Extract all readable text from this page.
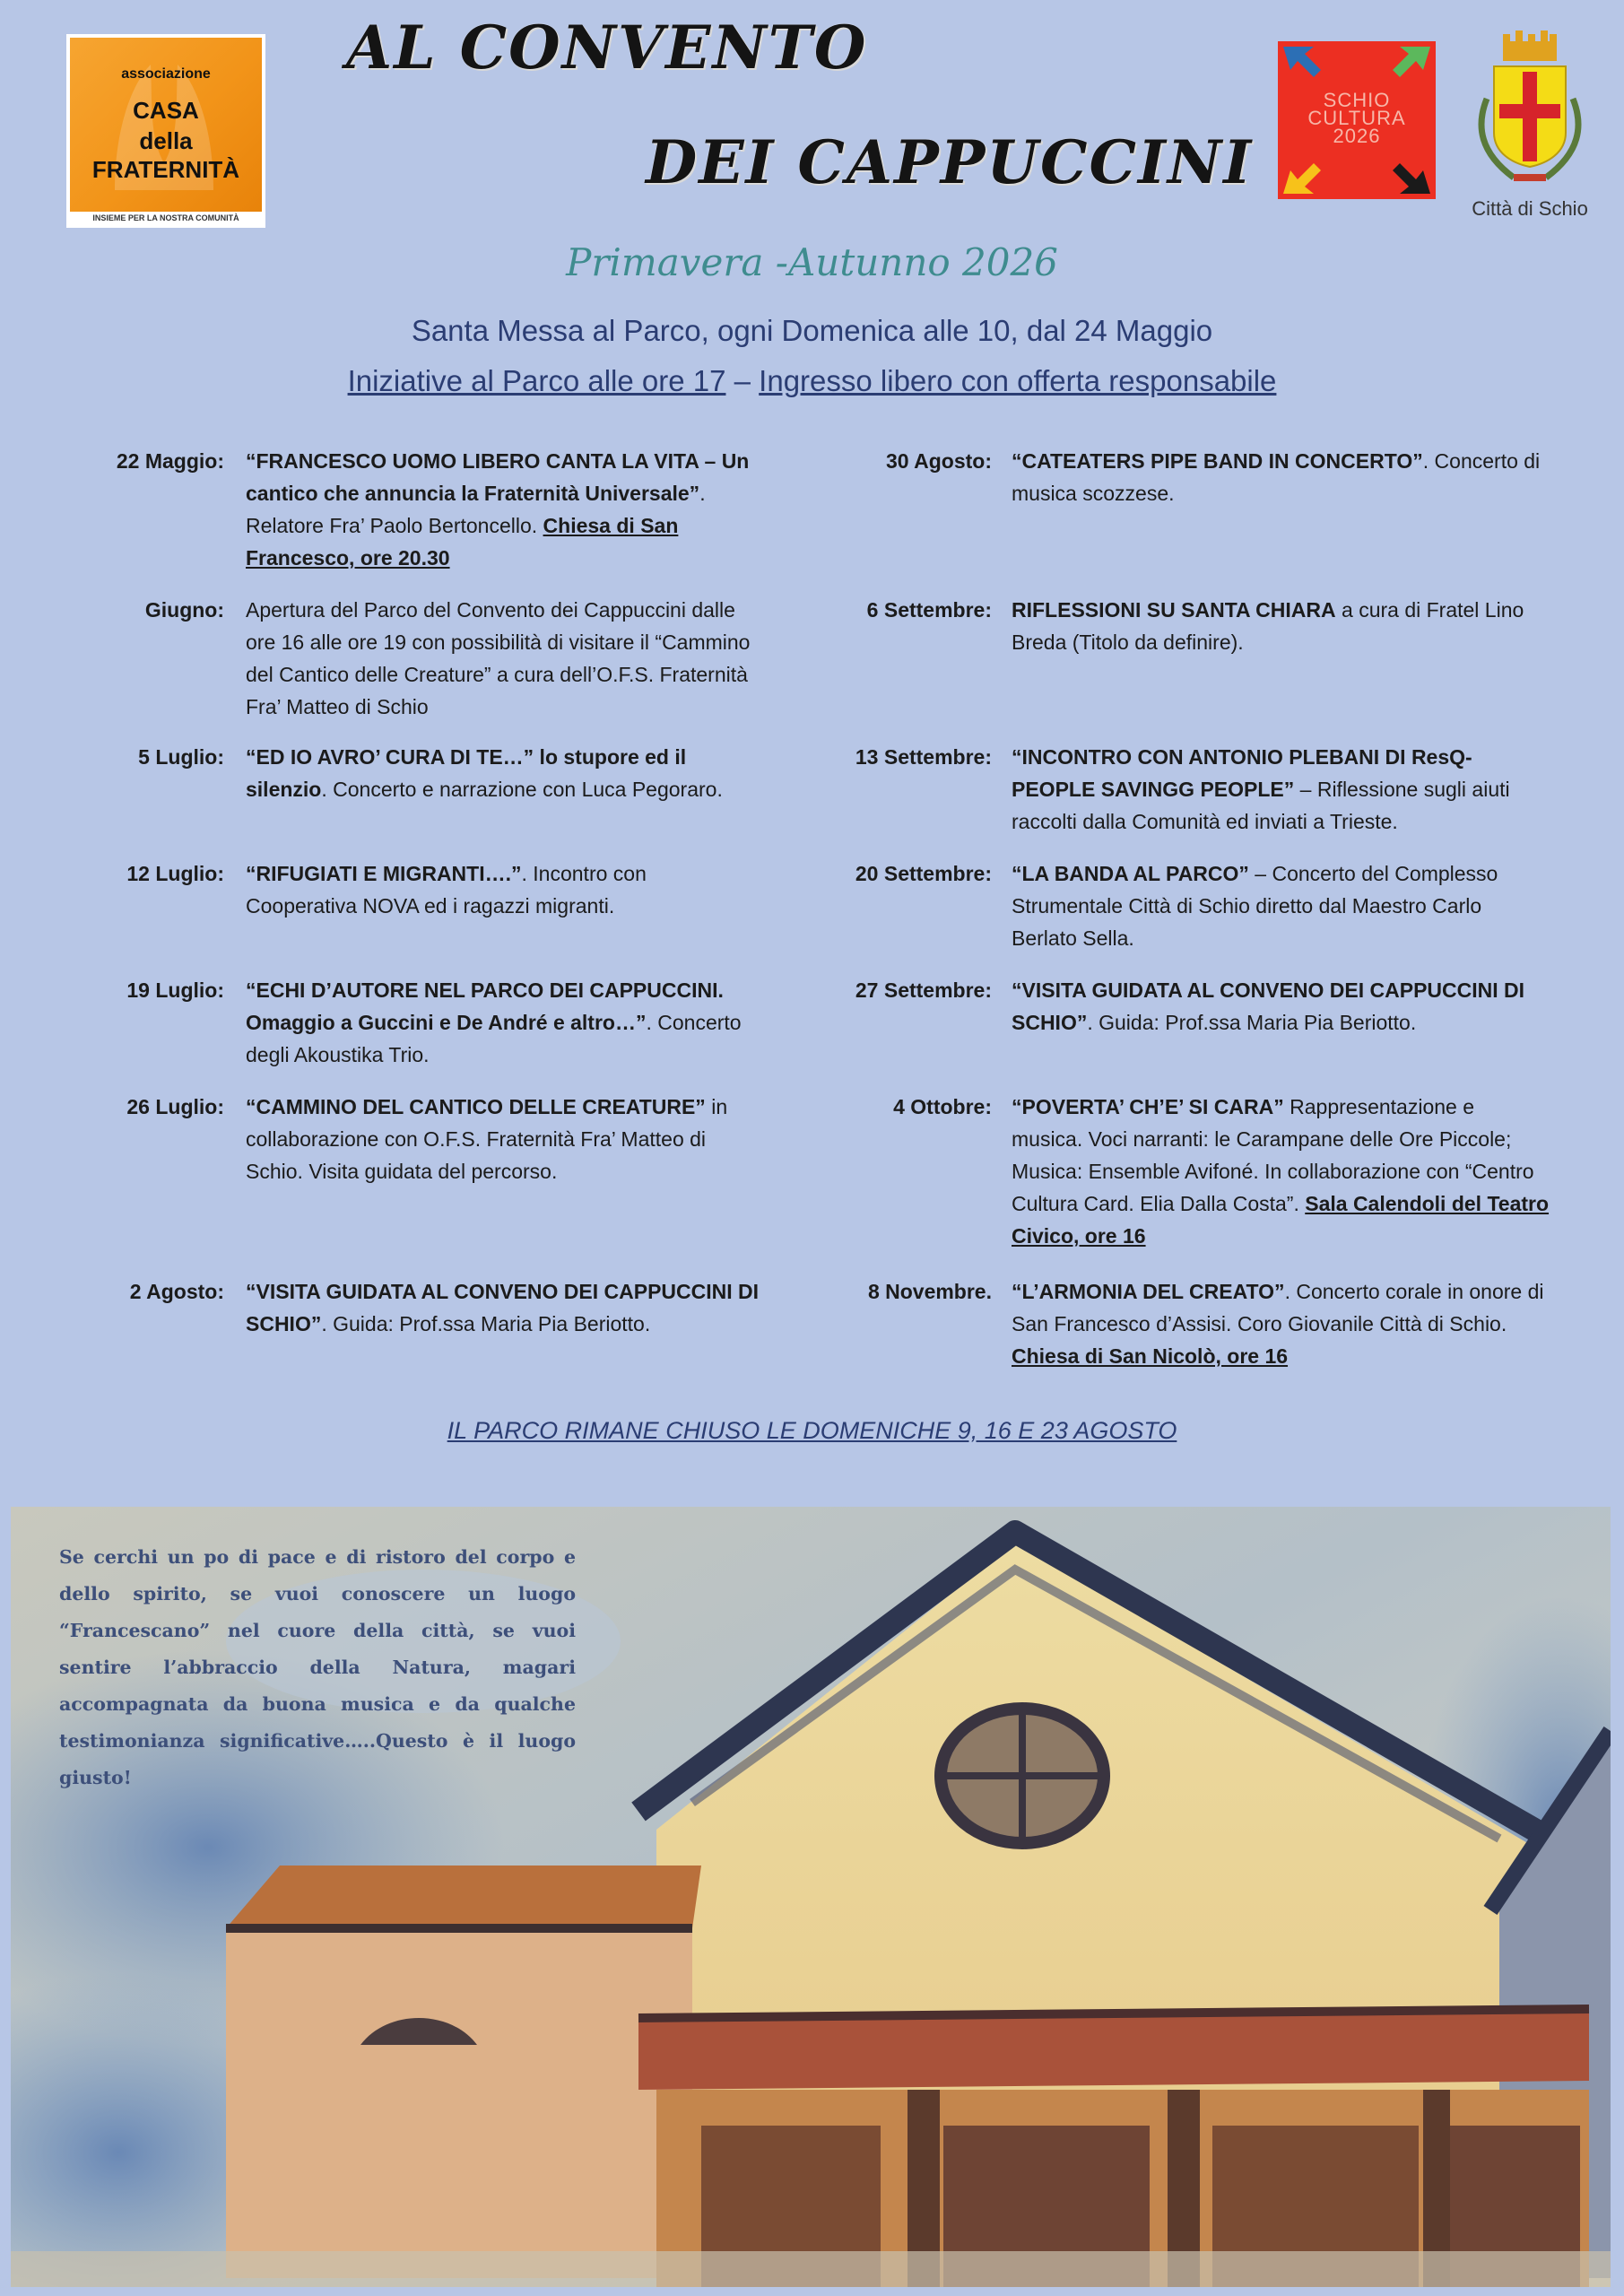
associazione
CASA
della
FRATERNITÀ
INSIEME PER LA NOSTRA COMUNITÀ
AL CONVENTO
DEI CAPPUCCINI
SCHIO
CULTURA
2026
Città di Schio
Primavera -Autunno 2026
Santa Messa al Parco, ogni Domenica alle 10, dal 24 Maggio
Iniziative al Parco alle ore 17 – Ingresso libero con offerta responsabile
22 Maggio: “FRANCESCO UOMO LIBERO CANTA LA VITA – Un cantico che annuncia la Fraternità Universale”. Relatore Fra’ Paolo Bertoncello. Chiesa di San Francesco, ore 20.30
Giugno: Apertura del Parco del Convento dei Cappuccini dalle ore 16 alle ore 19 con possibilità di visitare il “Cammino del Cantico delle Creature” a cura dell’O.F.S. Fraternità Fra’ Matteo di Schio
5 Luglio: “ED IO AVRO’ CURA DI TE…” lo stupore ed il silenzio. Concerto e narrazione con Luca Pegoraro.
12 Luglio: “RIFUGIATI E MIGRANTI….”. Incontro con Cooperativa NOVA ed i ragazzi migranti.
19 Luglio: “ECHI D’AUTORE NEL PARCO DEI CAPPUCCINI. Omaggio a Guccini e De André e altro…”. Concerto degli Akoustika Trio.
26 Luglio: “CAMMINO DEL CANTICO DELLE CREATURE” in collaborazione con O.F.S. Fraternità Fra’ Matteo di Schio. Visita guidata del percorso.
2 Agosto: “VISITA GUIDATA AL CONVENO DEI CAPPUCCINI DI SCHIO”. Guida: Prof.ssa Maria Pia Beriotto.
30 Agosto: “CATEATERS PIPE BAND IN CONCERTO”. Concerto di musica scozzese.
6 Settembre: RIFLESSIONI SU SANTA CHIARA a cura di Fratel Lino Breda (Titolo da definire).
13 Settembre: “INCONTRO CON ANTONIO PLEBANI DI ResQ-PEOPLE SAVINGG PEOPLE” – Riflessione sugli aiuti raccolti dalla Comunità ed inviati a Trieste.
20 Settembre: “LA BANDA AL PARCO” – Concerto del Complesso Strumentale Città di Schio diretto dal Maestro Carlo Berlato Sella.
27 Settembre: “VISITA GUIDATA AL CONVENO DEI CAPPUCCINI DI SCHIO”. Guida: Prof.ssa Maria Pia Beriotto.
4 Ottobre: “POVERTA’ CH’E’ SI CARA” Rappresentazione e musica. Voci narranti: le Carampane delle Ore Piccole; Musica: Ensemble Avifoné. In collaborazione con “Centro Cultura Card. Elia Dalla Costa”. Sala Calendoli del Teatro Civico, ore 16
8 Novembre. “L’ARMONIA DEL CREATO”. Concerto corale in onore di San Francesco d’Assisi. Coro Giovanile Città di Schio. Chiesa di San Nicolò, ore 16
IL PARCO RIMANE CHIUSO LE DOMENICHE 9, 16 E 23 AGOSTO
Se cerchi un po di pace e di ristoro del corpo e dello spirito, se vuoi conoscere un luogo “Francescano” nel cuore della città, se vuoi sentire l’abbraccio della Natura, magari accompagnata da buona musica e da qualche testimonianza significative…..Questo è il luogo giusto!
